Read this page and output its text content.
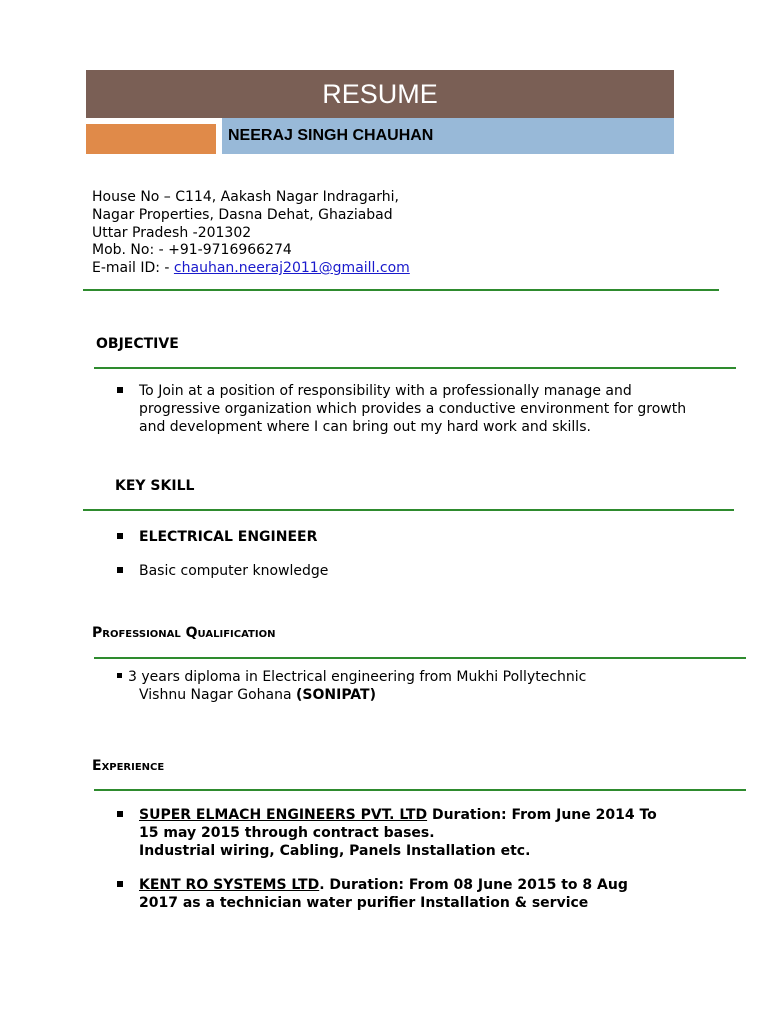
RESUME
NEERAJ SINGH CHAUHAN
House No – C114, Aakash Nagar Indragarhi,
Nagar Properties, Dasna Dehat, Ghaziabad
Uttar Pradesh -201302
Mob. No: - +91-9716966274
E-mail ID: - chauhan.neeraj2011@gmaill.com
OBJECTIVE
To Join at a position of responsibility with a professionally manage and
progressive organization which provides a conductive environment for growth
and development where I can bring out my hard work and skills.
KEY SKILL
ELECTRICAL ENGINEER
Basic computer knowledge
Professional Qualification
3 years diploma in Electrical engineering from Mukhi Pollytechnic
Vishnu Nagar Gohana (SONIPAT)
Experience
SUPER ELMACH ENGINEERS PVT. LTD Duration: From June 2014 To
15 may 2015 through contract bases.
Industrial wiring, Cabling, Panels Installation etc.
KENT RO SYSTEMS LTD. Duration: From 08 June 2015 to 8 Aug
2017 as a technician water purifier Installation & service
